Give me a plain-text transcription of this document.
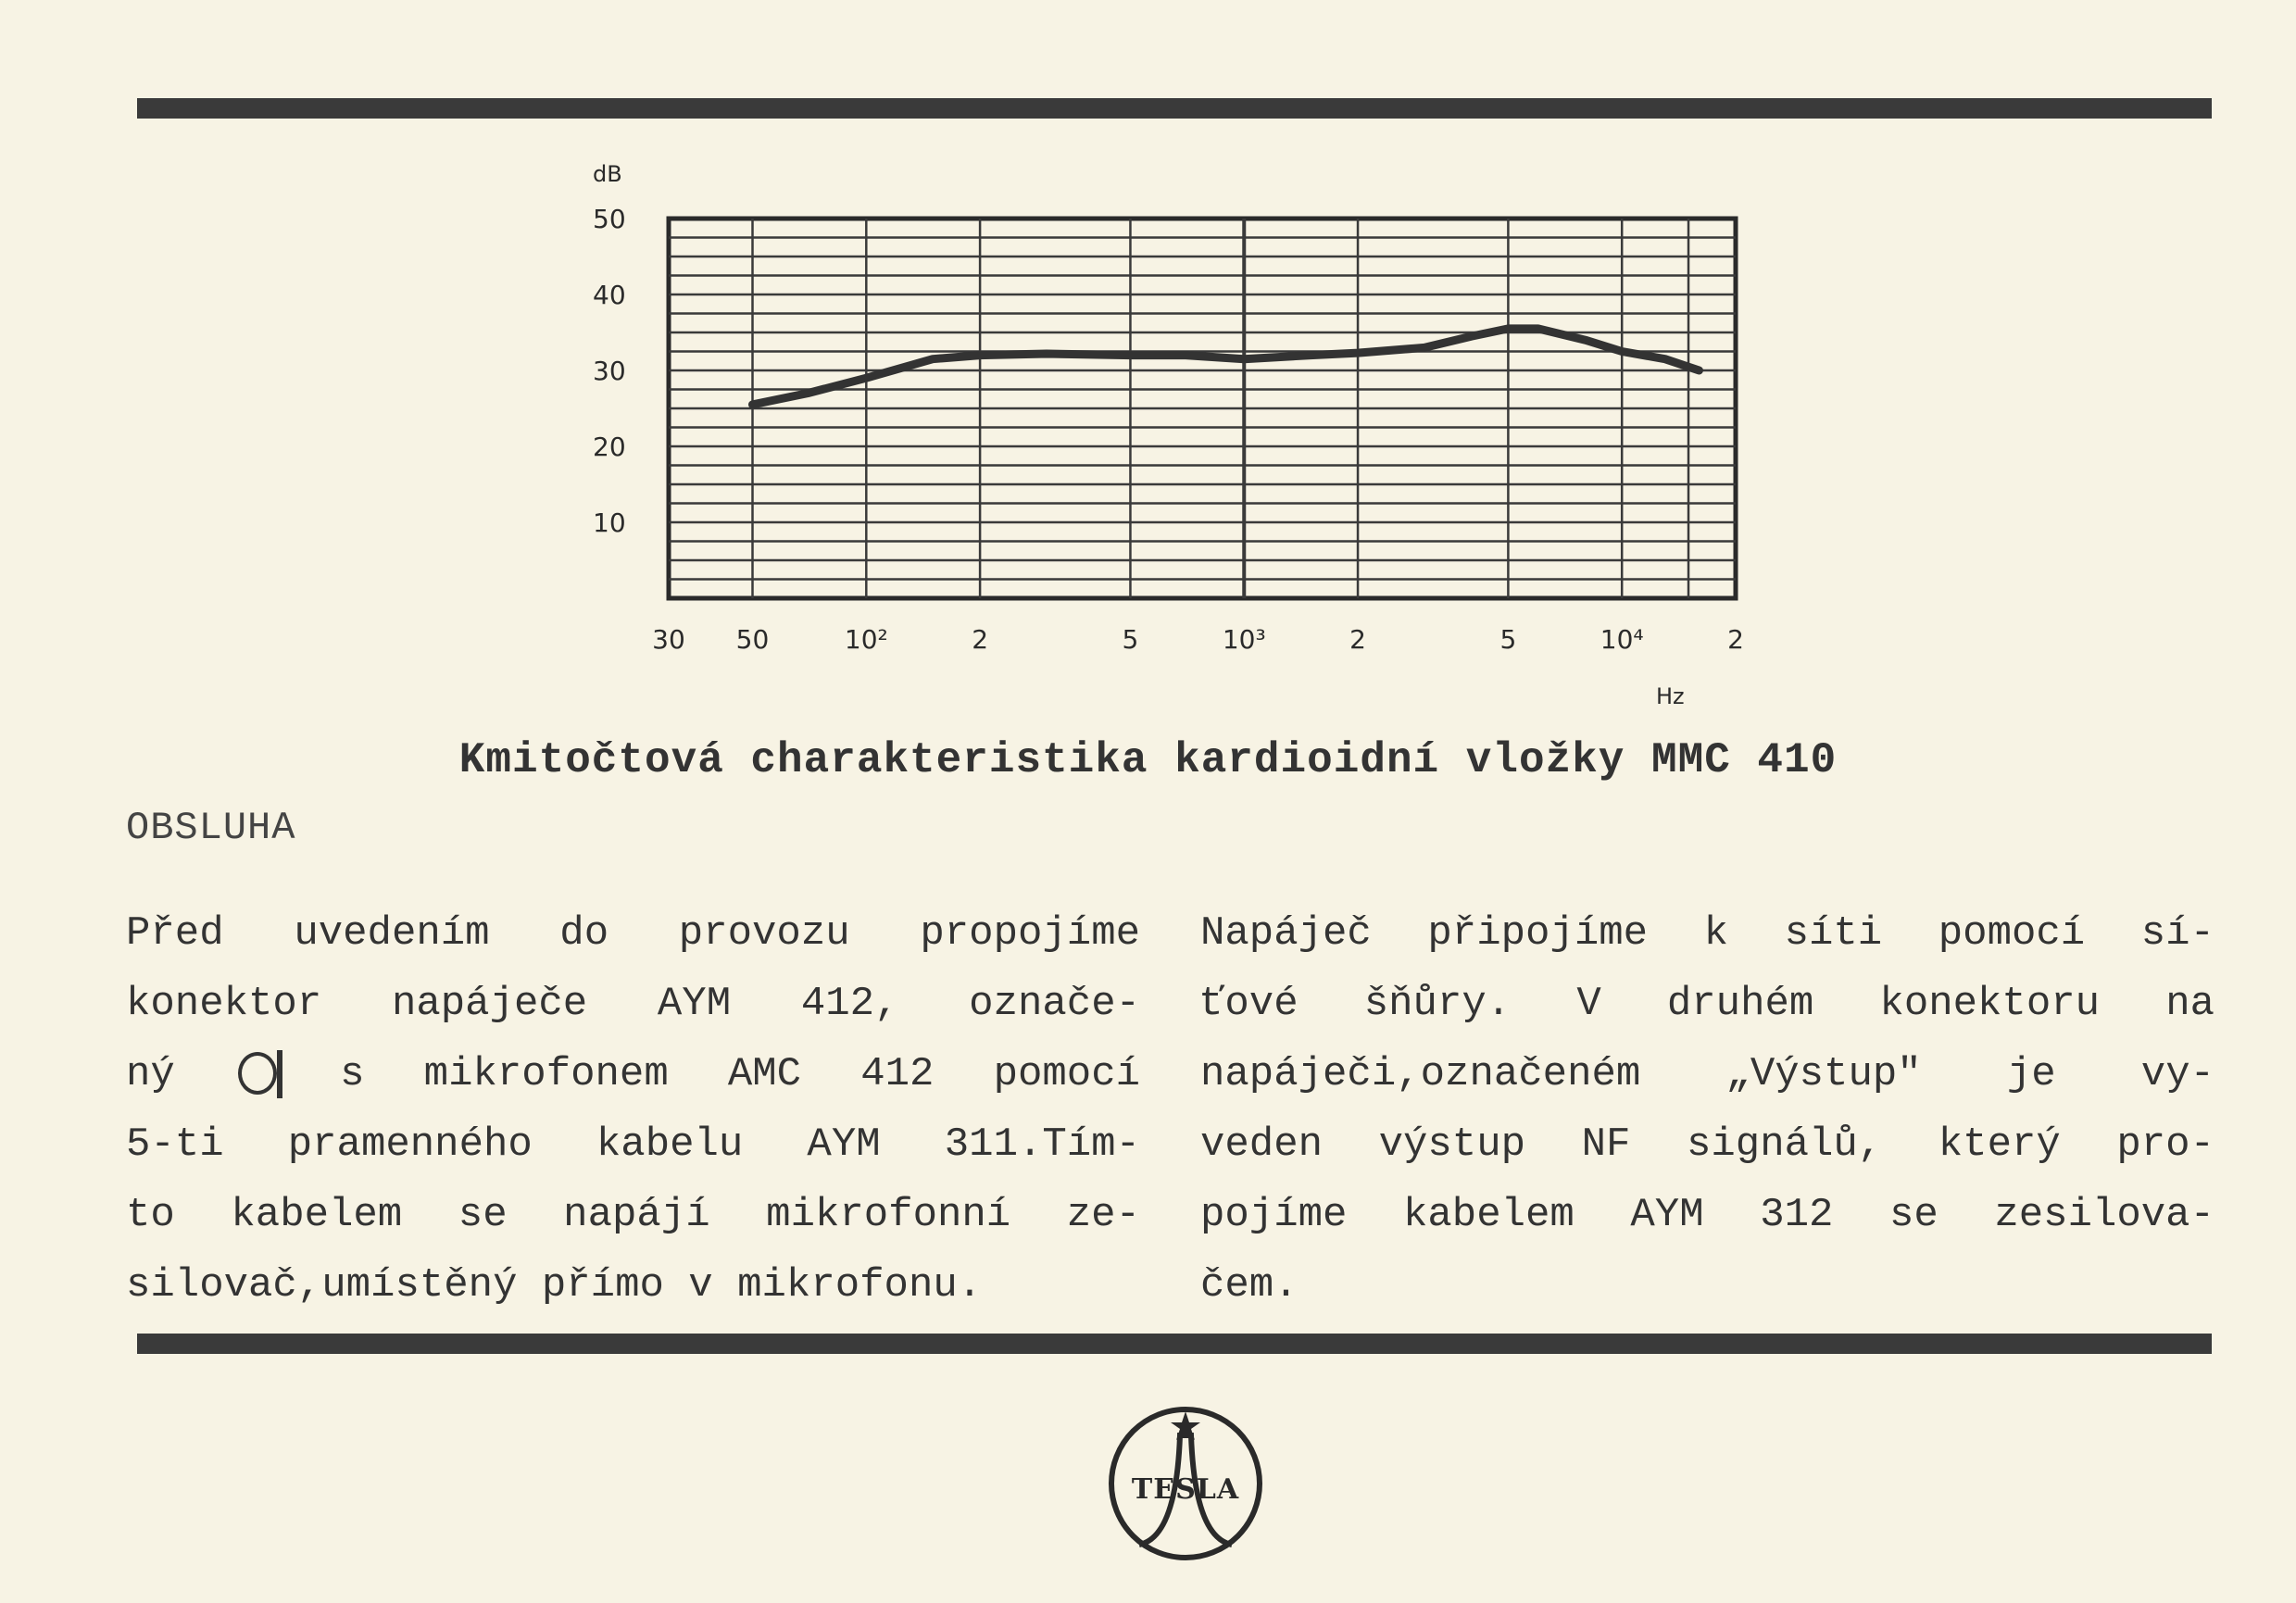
10
20
30
40
50
30 50	10²	2	5	10³	2	5	10⁴	2
dB
Hz
Kmitočtová charakteristika kardioidní vložky MMC 410
OBSLUHA
Před uvedením do provozu propojíme
konektor napáječe AYM 412, označe-
ný	s mikrofonem AMC 412 pomocí
5-ti pramenného kabelu AYM 311.Tím-
to kabelem se napájí mikrofonní ze-
silovač,umístěný přímo v mikrofonu.
Napáječ připojíme k síti pomocí sí-
ťové šňůry. V druhém konektoru na
napáječi,označeném „Výstup" je vy-
veden výstup NF signálů, který pro-
pojíme kabelem AYM 312 se zesilova-
čem.
TESLA
